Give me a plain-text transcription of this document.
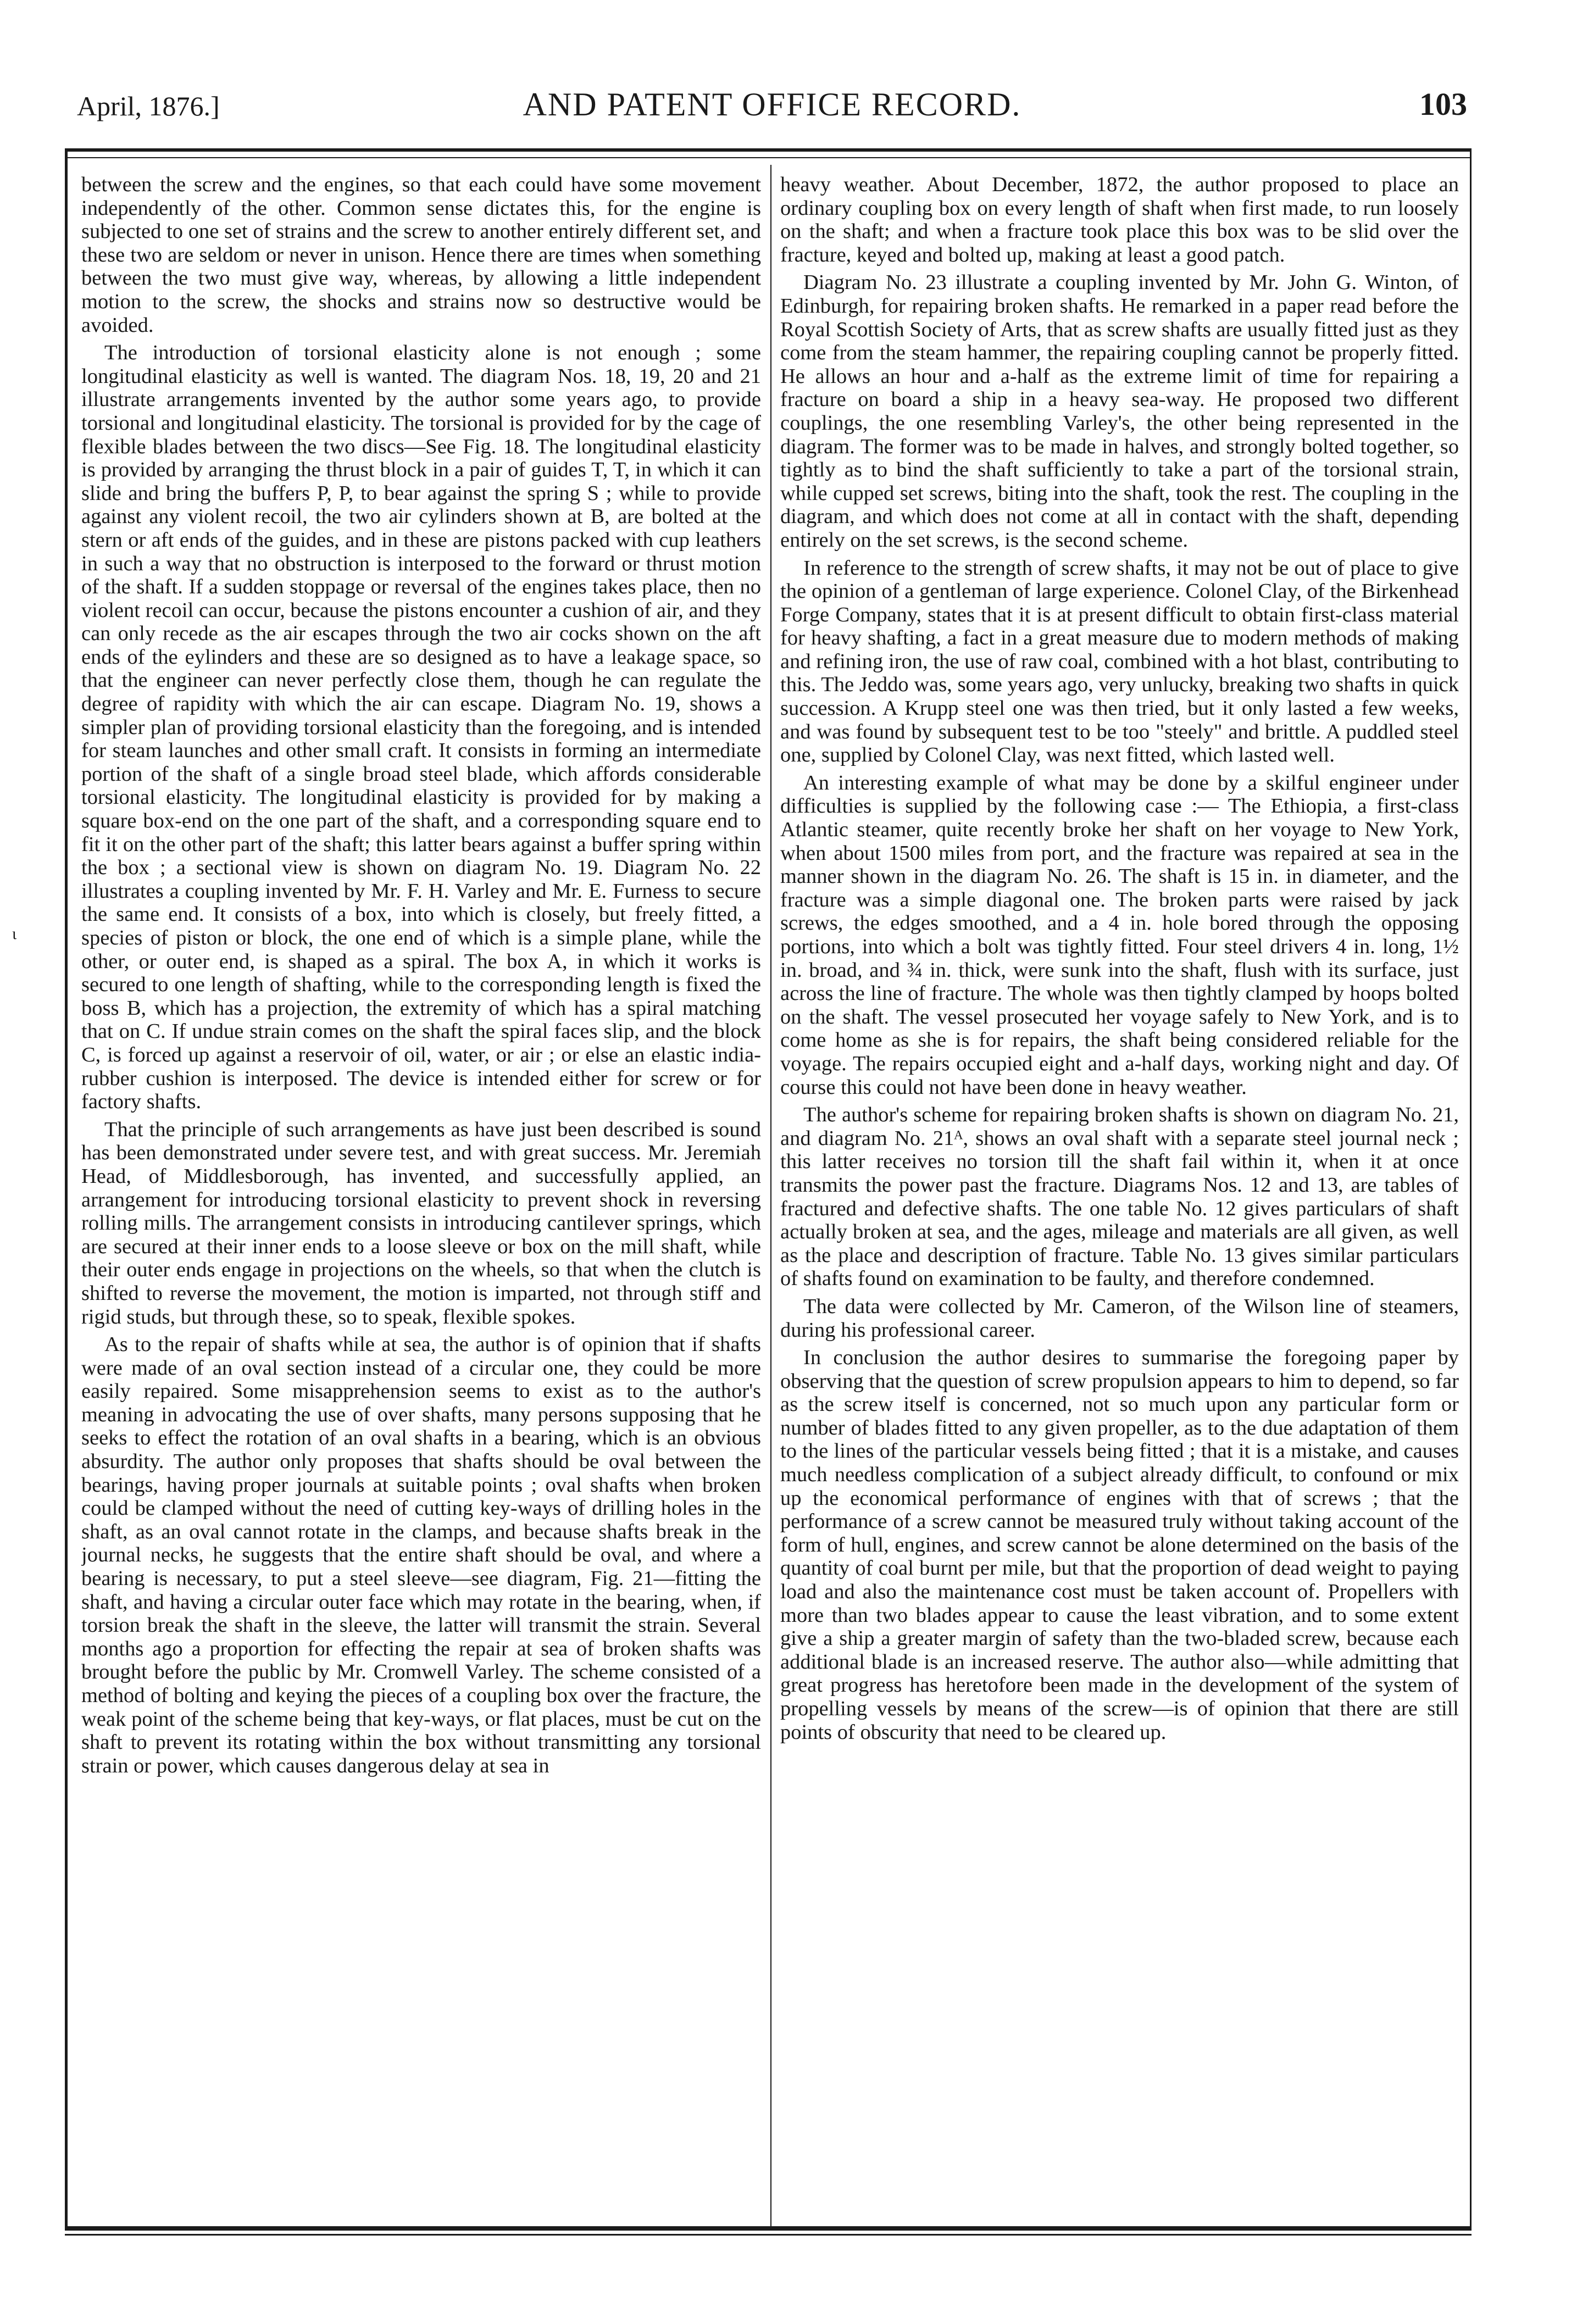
April, 1876.]	AND PATENT OFFICE RECORD.	103
ι

between the screw and the engines, so that each could have some movement independently of the other. Common sense dictates this, for the engine is subjected to one set of strains and the screw to another entirely different set, and these two are seldom or never in unison. Hence there are times when something between the two must give way, whereas, by allowing a little independent motion to the screw, the shocks and strains now so destructive would be avoided.

The introduction of torsional elasticity alone is not enough ; some longitudinal elasticity as well is wanted. The diagram Nos. 18, 19, 20 and 21 illustrate arrangements invented by the author some years ago, to provide torsional and longitudinal elasticity. The torsional is provided for by the cage of flexible blades between the two discs—See Fig. 18. The longitudinal elasticity is provided by arranging the thrust block in a pair of guides T, T, in which it can slide and bring the buffers P, P, to bear against the spring S ; while to provide against any violent recoil, the two air cylinders shown at B, are bolted at the stern or aft ends of the guides, and in these are pistons packed with cup leathers in such a way that no obstruction is interposed to the forward or thrust motion of the shaft. If a sudden stoppage or reversal of the engines takes place, then no violent recoil can occur, because the pistons encounter a cushion of air, and they can only recede as the air escapes through the two air cocks shown on the aft ends of the eylinders and these are so designed as to have a leakage space, so that the engineer can never perfectly close them, though he can regulate the degree of rapidity with which the air can escape. Diagram No. 19, shows a simpler plan of providing torsional elasticity than the foregoing, and is intended for steam launches and other small craft. It consists in forming an intermediate portion of the shaft of a single broad steel blade, which affords considerable torsional elasticity. The longitudinal elasticity is provided for by making a square box-end on the one part of the shaft, and a corresponding square end to fit it on the other part of the shaft; this latter bears against a buffer spring within the box ; a sectional view is shown on diagram No. 19. Diagram No. 22 illustrates a coupling invented by Mr. F. H. Varley and Mr. E. Furness to secure the same end. It consists of a box, into which is closely, but freely fitted, a species of piston or block, the one end of which is a simple plane, while the other, or outer end, is shaped as a spiral. The box A, in which it works is secured to one length of shafting, while to the corresponding length is fixed the boss B, which has a projection, the extremity of which has a spiral matching that on C. If undue strain comes on the shaft the spiral faces slip, and the block C, is forced up against a reservoir of oil, water, or air ; or else an elastic india-rubber cushion is interposed. The device is intended either for screw or for factory shafts.

That the principle of such arrangements as have just been described is sound has been demonstrated under severe test, and with great success. Mr. Jeremiah Head, of Middlesborough, has invented, and successfully applied, an arrangement for introducing torsional elasticity to prevent shock in reversing rolling mills. The arrangement consists in introducing cantilever springs, which are secured at their inner ends to a loose sleeve or box on the mill shaft, while their outer ends engage in projections on the wheels, so that when the clutch is shifted to reverse the movement, the motion is imparted, not through stiff and rigid studs, but through these, so to speak, flexible spokes.

As to the repair of shafts while at sea, the author is of opinion that if shafts were made of an oval section instead of a circular one, they could be more easily repaired. Some misapprehension seems to exist as to the author's meaning in advocating the use of over shafts, many persons supposing that he seeks to effect the rotation of an oval shafts in a bearing, which is an obvious absurdity. The author only proposes that shafts should be oval between the bearings, having proper journals at suitable points ; oval shafts when broken could be clamped without the need of cutting key-ways of drilling holes in the shaft, as an oval cannot rotate in the clamps, and because shafts break in the journal necks, he suggests that the entire shaft should be oval, and where a bearing is necessary, to put a steel sleeve—see diagram, Fig. 21—fitting the shaft, and having a circular outer face which may rotate in the bearing, when, if torsion break the shaft in the sleeve, the latter will transmit the strain. Several months ago a proportion for effecting the repair at sea of broken shafts was brought before the public by Mr. Cromwell Varley. The scheme consisted of a method of bolting and keying the pieces of a coupling box over the fracture, the weak point of the scheme being that key-ways, or flat places, must be cut on the shaft to prevent its rotating within the box without transmitting any torsional strain or power, which causes dangerous delay at sea in

heavy weather. About December, 1872, the author proposed to place an ordinary coupling box on every length of shaft when first made, to run loosely on the shaft; and when a fracture took place this box was to be slid over the fracture, keyed and bolted up, making at least a good patch.

Diagram No. 23 illustrate a coupling invented by Mr. John G. Winton, of Edinburgh, for repairing broken shafts. He remarked in a paper read before the Royal Scottish Society of Arts, that as screw shafts are usually fitted just as they come from the steam hammer, the repairing coupling cannot be properly fitted. He allows an hour and a-half as the extreme limit of time for repairing a fracture on board a ship in a heavy sea-way. He proposed two different couplings, the one resembling Varley's, the other being represented in the diagram. The former was to be made in halves, and strongly bolted together, so tightly as to bind the shaft sufficiently to take a part of the torsional strain, while cupped set screws, biting into the shaft, took the rest. The coupling in the diagram, and which does not come at all in contact with the shaft, depending entirely on the set screws, is the second scheme.

In reference to the strength of screw shafts, it may not be out of place to give the opinion of a gentleman of large experience. Colonel Clay, of the Birkenhead Forge Company, states that it is at present difficult to obtain first-class material for heavy shafting, a fact in a great measure due to modern methods of making and refining iron, the use of raw coal, combined with a hot blast, contributing to this. The Jeddo was, some years ago, very unlucky, breaking two shafts in quick succession. A Krupp steel one was then tried, but it only lasted a few weeks, and was found by subsequent test to be too "steely" and brittle. A puddled steel one, supplied by Colonel Clay, was next fitted, which lasted well.

An interesting example of what may be done by a skilful engineer under difficulties is supplied by the following case :— The Ethiopia, a first-class Atlantic steamer, quite recently broke her shaft on her voyage to New York, when about 1500 miles from port, and the fracture was repaired at sea in the manner shown in the diagram No. 26. The shaft is 15 in. in diameter, and the fracture was a simple diagonal one. The broken parts were raised by jack screws, the edges smoothed, and a 4 in. hole bored through the opposing portions, into which a bolt was tightly fitted. Four steel drivers 4 in. long, 1½ in. broad, and ¾ in. thick, were sunk into the shaft, flush with its surface, just across the line of fracture. The whole was then tightly clamped by hoops bolted on the shaft. The vessel prosecuted her voyage safely to New York, and is to come home as she is for repairs, the shaft being considered reliable for the voyage. The repairs occupied eight and a-half days, working night and day. Of course this could not have been done in heavy weather.

The author's scheme for repairing broken shafts is shown on diagram No. 21, and diagram No. 21ᴬ, shows an oval shaft with a separate steel journal neck ; this latter receives no torsion till the shaft fail within it, when it at once transmits the power past the fracture. Diagrams Nos. 12 and 13, are tables of fractured and defective shafts. The one table No. 12 gives particulars of shaft actually broken at sea, and the ages, mileage and materials are all given, as well as the place and description of fracture. Table No. 13 gives similar particulars of shafts found on examination to be faulty, and therefore condemned.

The data were collected by Mr. Cameron, of the Wilson line of steamers, during his professional career.

In conclusion the author desires to summarise the foregoing paper by observing that the question of screw propulsion appears to him to depend, so far as the screw itself is concerned, not so much upon any particular form or number of blades fitted to any given propeller, as to the due adaptation of them to the lines of the particular vessels being fitted ; that it is a mistake, and causes much needless complication of a subject already difficult, to confound or mix up the economical performance of engines with that of screws ; that the performance of a screw cannot be measured truly without taking account of the form of hull, engines, and screw cannot be alone determined on the basis of the quantity of coal burnt per mile, but that the proportion of dead weight to paying load and also the maintenance cost must be taken account of. Propellers with more than two blades appear to cause the least vibration, and to some extent give a ship a greater margin of safety than the two-bladed screw, because each additional blade is an increased reserve. The author also—while admitting that great progress has heretofore been made in the development of the system of propelling vessels by means of the screw—is of opinion that there are still points of obscurity that need to be cleared up.
